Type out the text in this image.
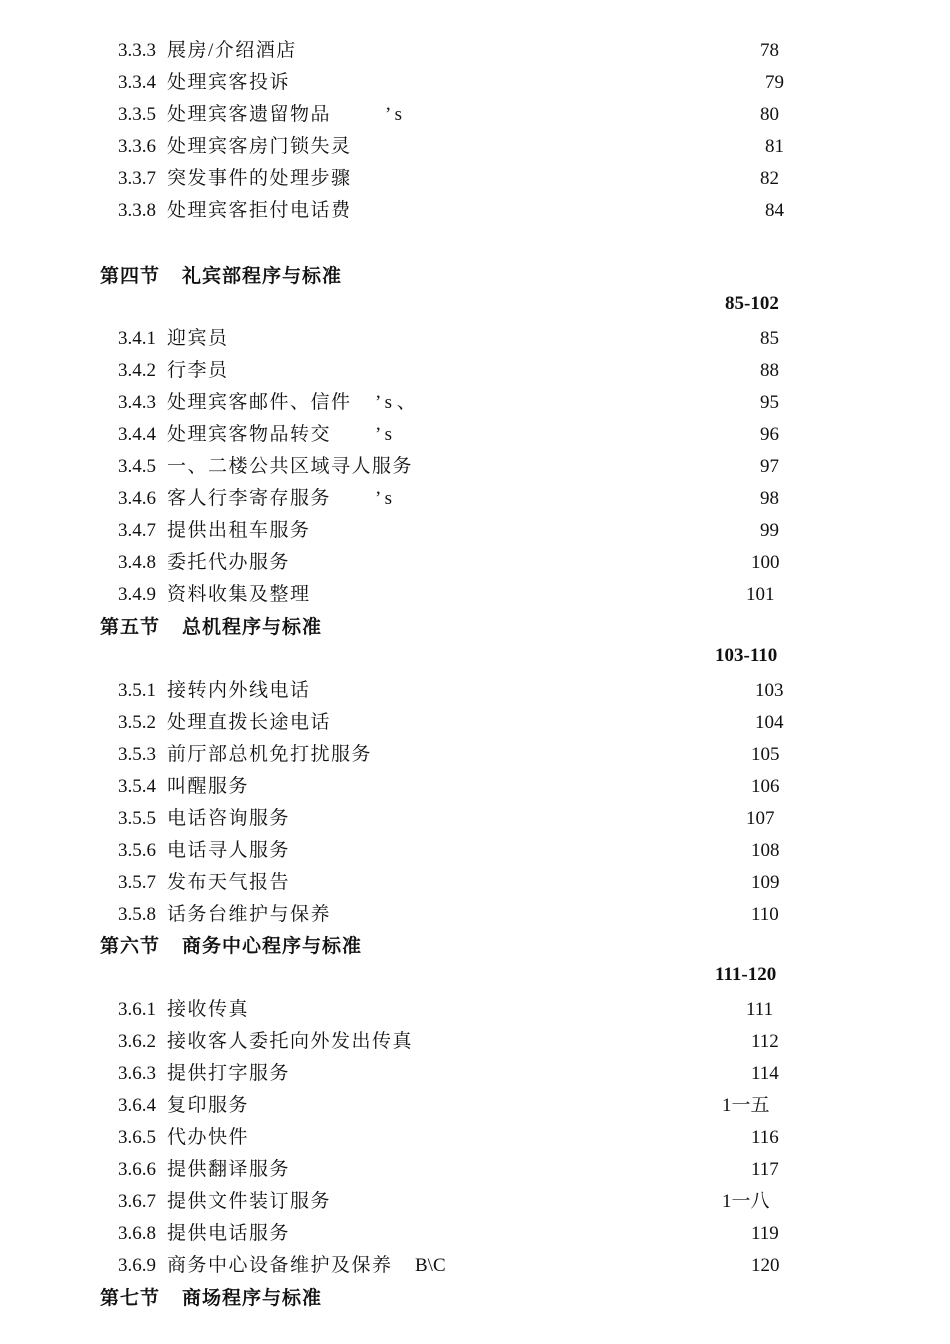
3.3.3 展房/介绍酒店	78
3.3.4 处理宾客投诉	79
3.3.5 处理宾客遗留物品	’ s	80
3.3.6 处理宾客房门锁失灵	81
3.3.7 突发事件的处理步骤	82
3.3.8 处理宾客拒付电话费	84
第四节 礼宾部程序与标准
85-102
3.4.1 迎宾员	85
3.4.2 行李员	88
3.4.3 处理宾客邮件、信件 ’ s 、	95
3.4.4 处理宾客物品转交 ’ s	96
3.4.5 一、二楼公共区域寻人服务	97
3.4.6 客人行李寄存服务 ’ s	98
3.4.7 提供出租车服务	99
3.4.8 委托代办服务	100
3.4.9 资料收集及整理	101
第五节 总机程序与标准
103-110
3.5.1 接转内外线电话	103
3.5.2 处理直拨长途电话	104
3.5.3 前厅部总机免打扰服务	105
3.5.4 叫醒服务	106
3.5.5 电话咨询服务	107
3.5.6 电话寻人服务	108
3.5.7 发布天气报告	109
3.5.8 话务台维护与保养	110
第六节 商务中心程序与标准
111-120
3.6.1 接收传真	111
3.6.2 接收客人委托向外发出传真	112
3.6.3 提供打字服务	114
3.6.4 复印服务	1一五
3.6.5 代办快件	116
3.6.6 提供翻译服务	117
3.6.7 提供文件装订服务	1一八
3.6.8 提供电话服务	119
3.6.9 商务中心设备维护及保养 B\C	120
第七节 商场程序与标准
